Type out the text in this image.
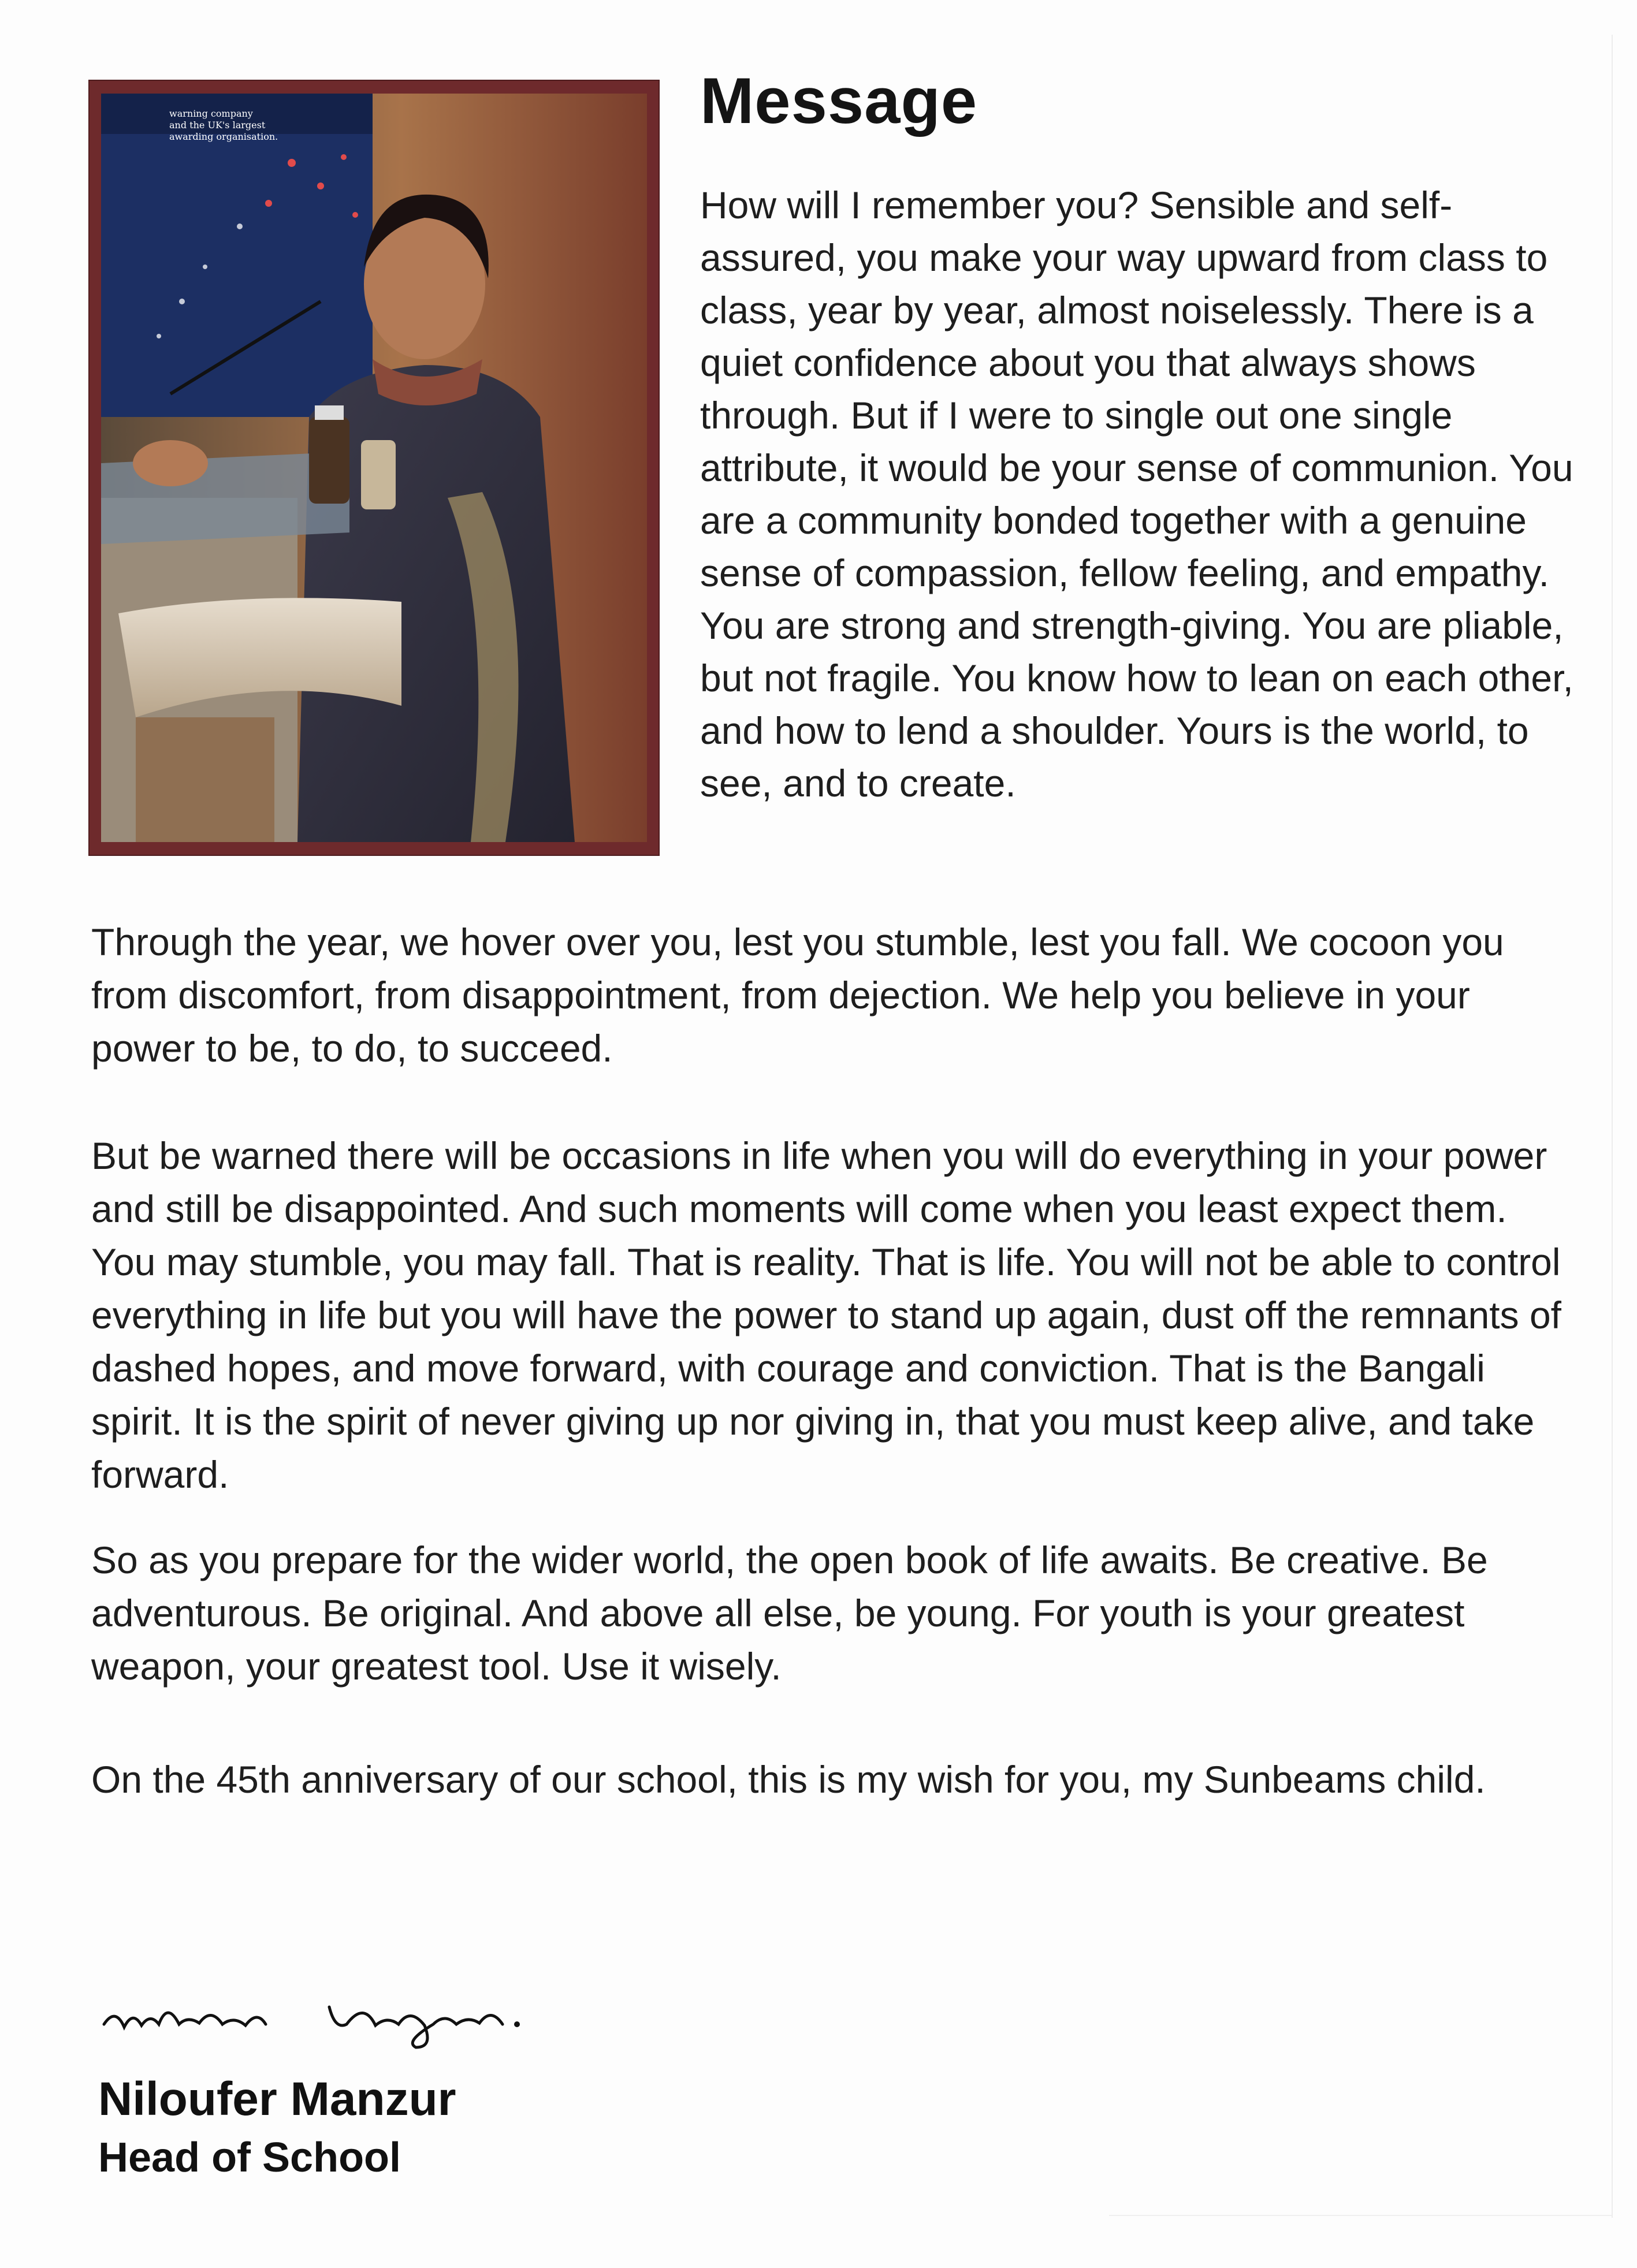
warning company
and the UK's largest
awarding organisation.	Message

How will I remember you? Sensible and self-assured, you make your way upward from class to class, year by year, almost noiselessly. There is a quiet confidence about you that always shows through. But if I were to single out one single attribute, it would be your sense of communion. You are a community bonded together with a genuine sense of compassion, fellow feeling, and empathy. You are strong and strength-giving. You are pliable, but not fragile. You know how to lean on each other, and how to lend a shoulder. Yours is the world, to see, and to create.

Through the year, we hover over you, lest you stumble, lest you fall. We cocoon you from discomfort, from disappointment, from dejection. We help you believe in your power to be, to do, to succeed.

But be warned there will be occasions in life when you will do everything in your power and still be disappointed. And such moments will come when you least expect them. You may stumble, you may fall. That is reality. That is life. You will not be able to control everything in life but you will have the power to stand up again, dust off the remnants of dashed hopes, and move forward, with courage and conviction. That is the Bangali spirit. It is the spirit of never giving up nor giving in, that you must keep alive, and take forward.

So as you prepare for the wider world, the open book of life awaits. Be creative. Be adventurous. Be original. And above all else, be young. For youth is your greatest weapon, your greatest tool. Use it wisely.

On the 45th anniversary of our school, this is my wish for you, my Sunbeams child.

Niloufer Manzur

Head of School
